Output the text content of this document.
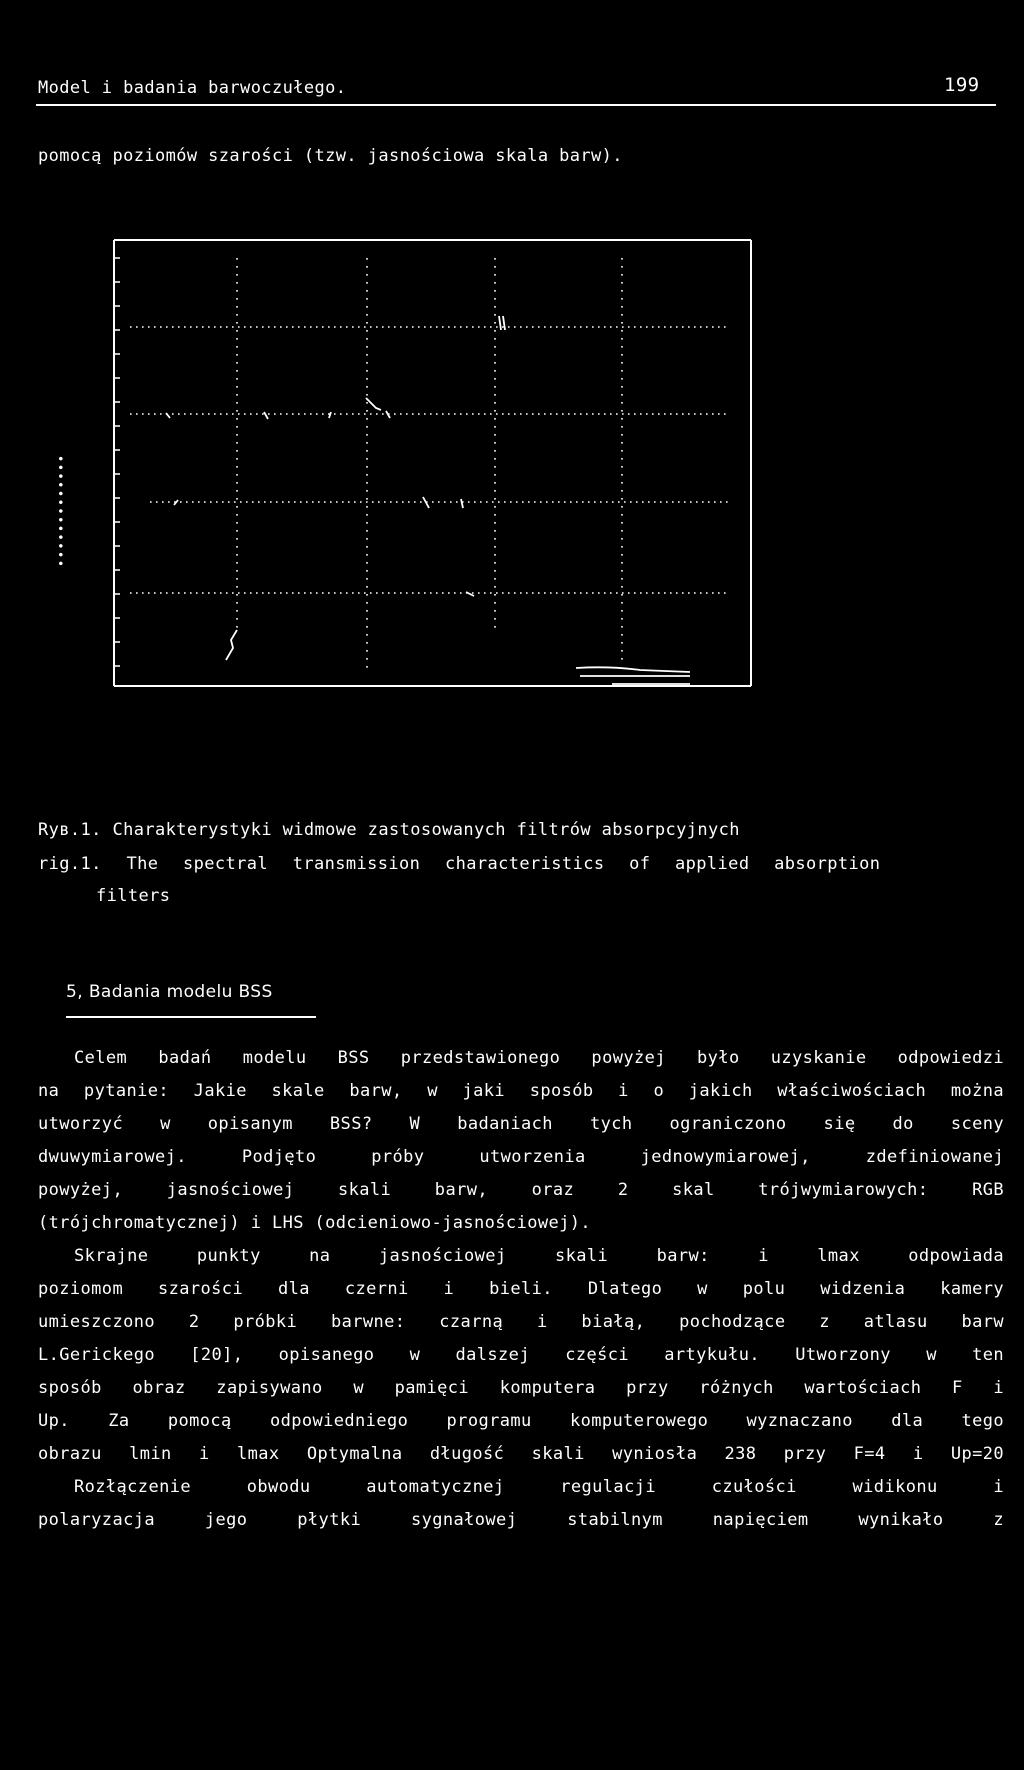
Model i badania barwoczułego.	199
pomocą poziomów szarości (tzw. jasnościowa skala barw).
•••••••••••••
Ryв.1. Charakterystyki widmowe zastosowanych filtrów absorpcyjnych
rig.1. The spectral transmission characteristics of applied absorption
filters
5, Badania modelu BSS
Celem badań modelu BSS przedstawionego powyżej było uzyskanie odpowiedzi
na pytanie: Jakie skale barw, w jaki sposób i o jakich właściwościach można
utworzyć w opisanym BSS? W badaniach tych ograniczono się do sceny
dwuwymiarowej. Podjęto próby utworzenia jednowymiarowej, zdefiniowanej
powyżej, jasnościowej skali barw, oraz 2 skal trójwymiarowych: RGB
(trójchromatycznej) i LHS (odcieniowo-jasnościowej).
Skrajne punkty na jasnościowej skali barw: i lmax odpowiada
poziomom szarości dla czerni i bieli. Dlatego w polu widzenia kamery
umieszczono 2 próbki barwne: czarną i białą, pochodzące z atlasu barw
L.Gerickego [20], opisanego w dalszej części artykułu. Utworzony w ten
sposób obraz zapisywano w pamięci komputera przy różnych wartościach F i
Up. Za pomocą odpowiedniego programu komputerowego wyznaczano dla tego
obrazu lmin i lmax Optymalna długość skali wyniosła 238 przy F=4 i Up=20
Rozłączenie obwodu automatycznej regulacji czułości widikonu i
polaryzacja jego płytki sygnałowej stabilnym napięciem wynikało z
